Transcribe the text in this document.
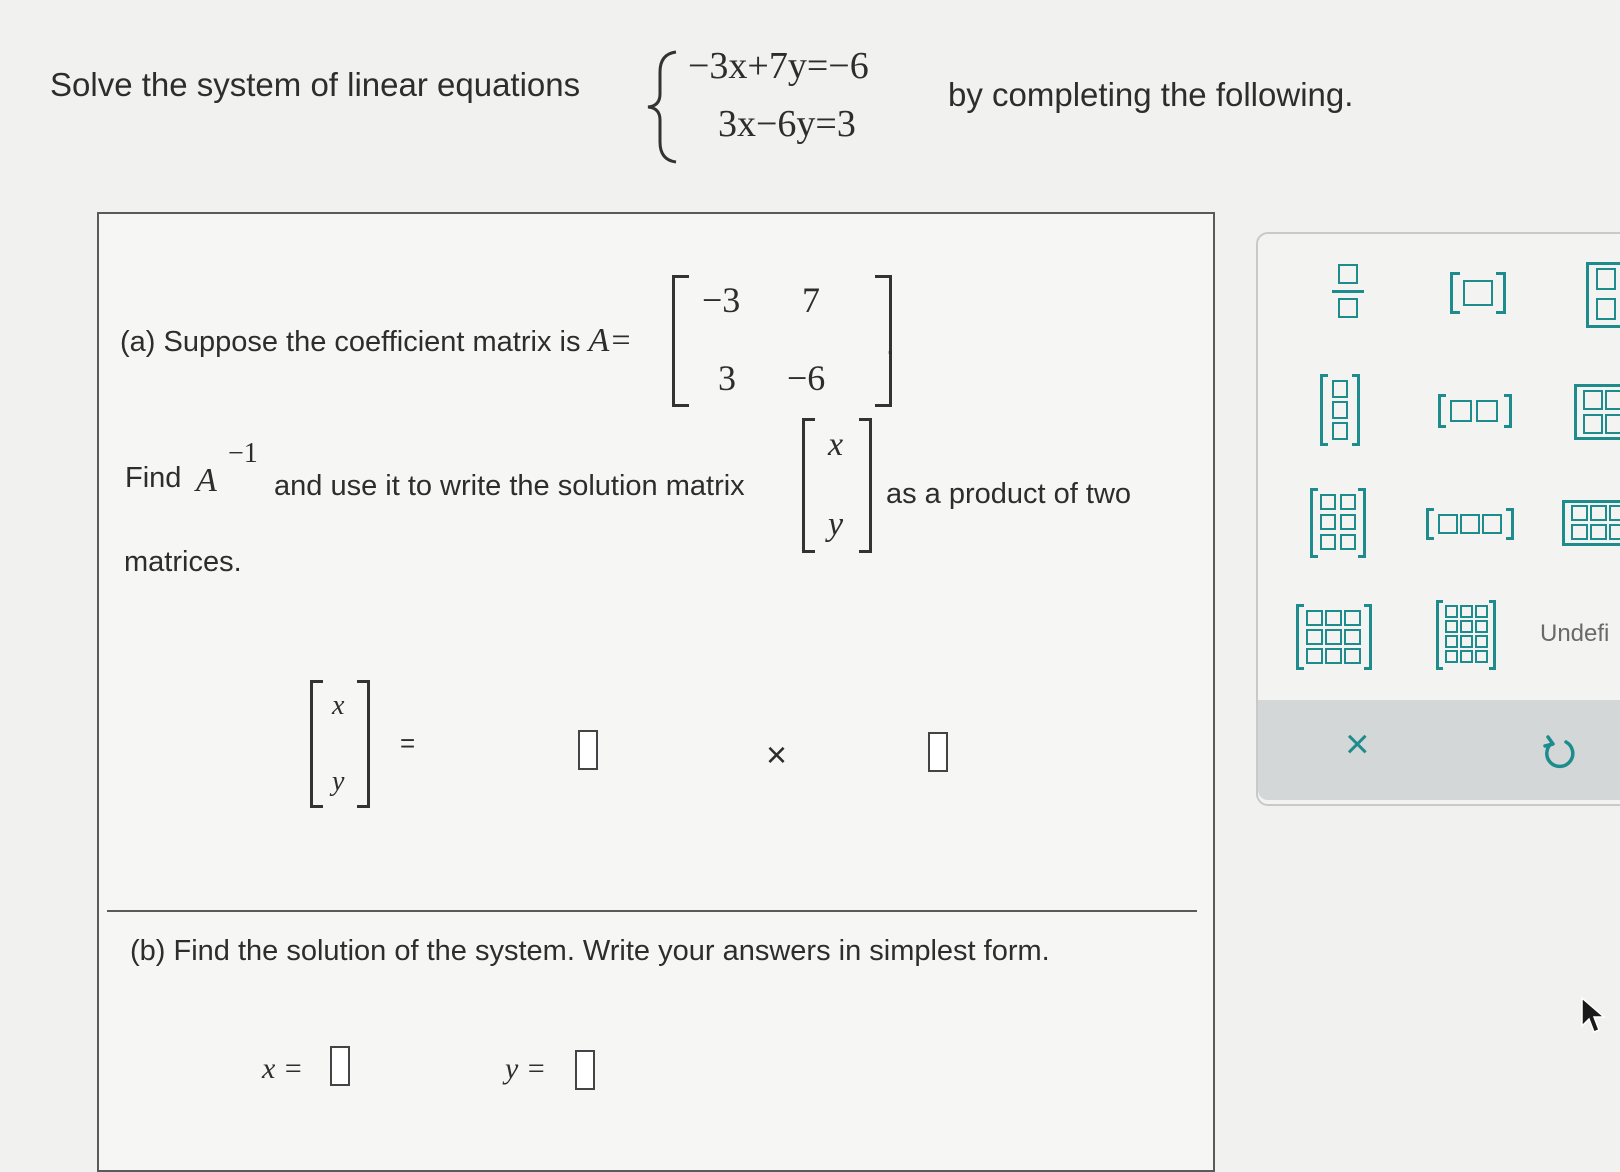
Solve the system of linear equations	−3x+7y=−6
3x−6y=3
by completing the following.
(a) Suppose the coefficient matrix is A=
−3 7
3 −6
.
Find A
−1
and use it to write the solution matrix
x
y
as a product of two
matrices.
x
y
=	×
(b) Find the solution of the system. Write your answers in simplest form.
x =	y =
Undefi
×
